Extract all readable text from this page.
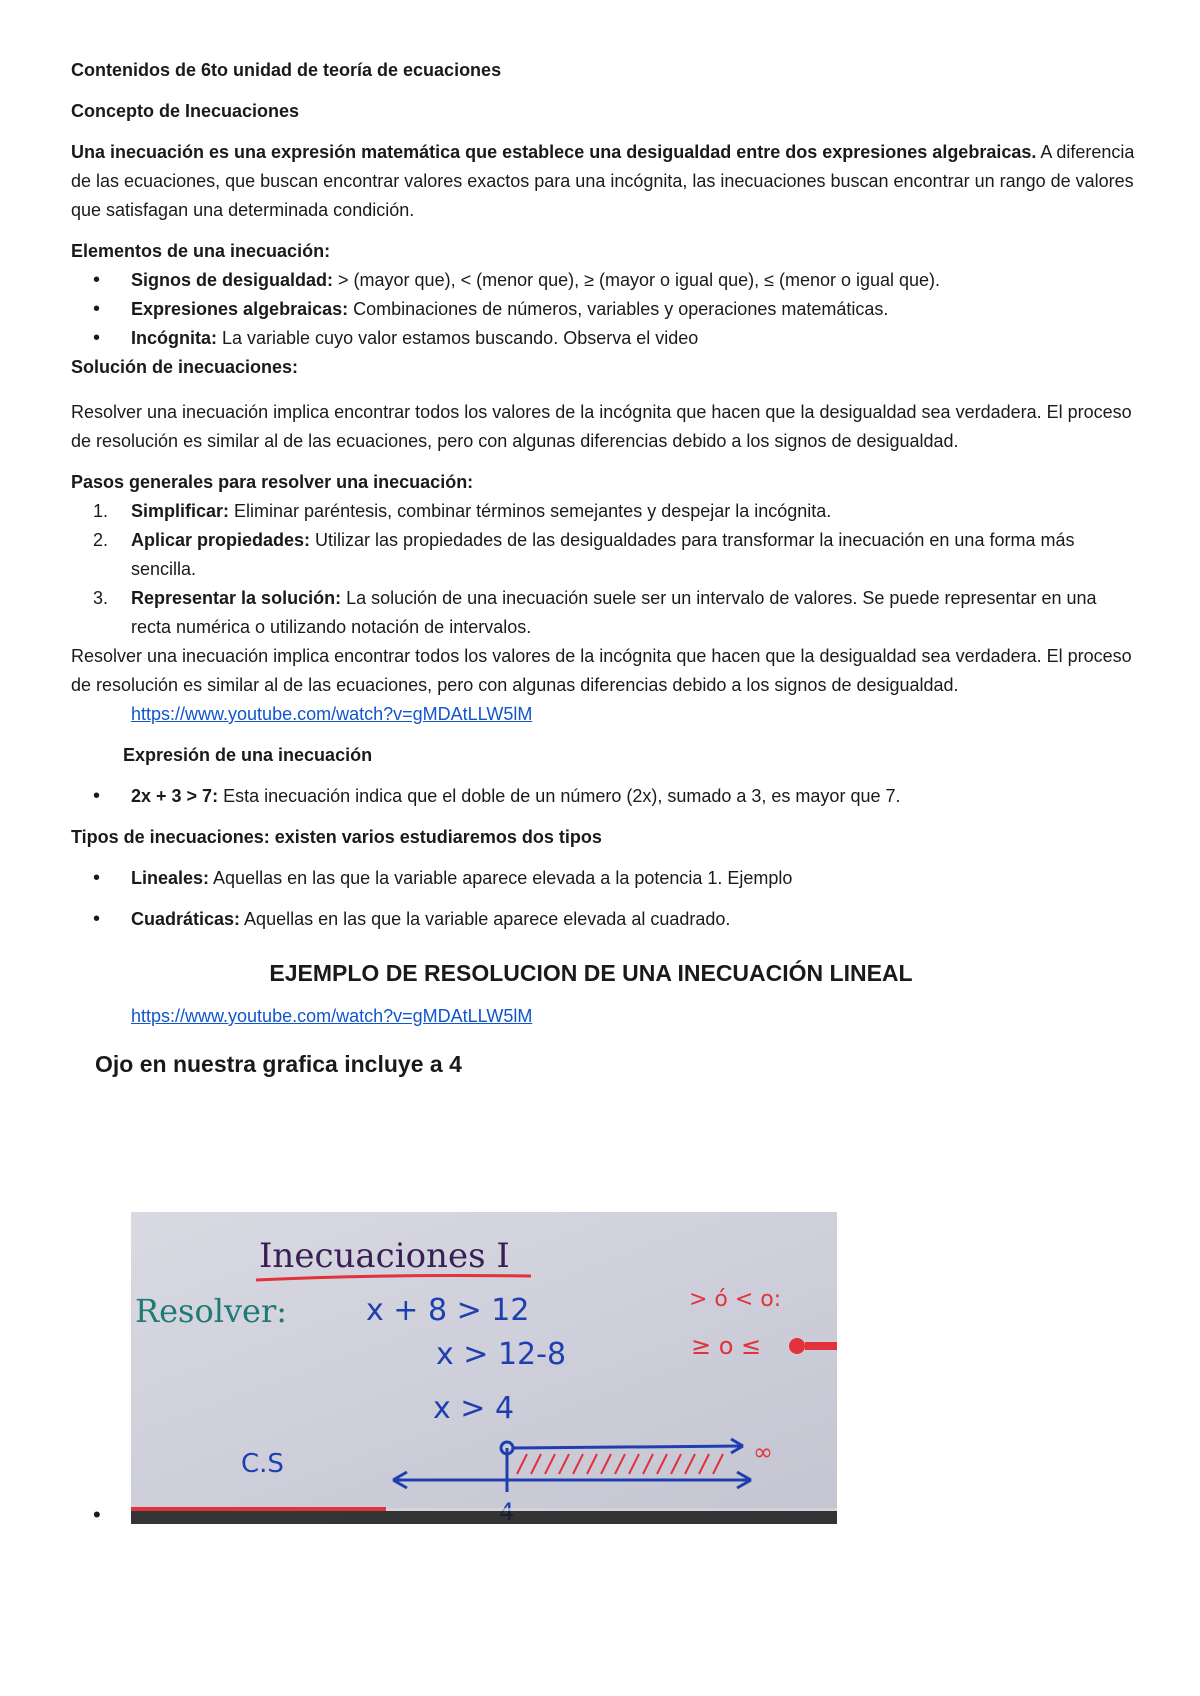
Contenidos de 6to unidad de teoría de ecuaciones

Concepto de Inecuaciones

Una inecuación es una expresión matemática que establece una desigualdad entre dos expresiones algebraicas. A diferencia de las ecuaciones, que buscan encontrar valores exactos para una incógnita, las inecuaciones buscan encontrar un rango de valores que satisfagan una determinada condición.

Elementos de una inecuación:

• Signos de desigualdad: > (mayor que), < (menor que), ≥ (mayor o igual que), ≤ (menor o igual que).
• Expresiones algebraicas: Combinaciones de números, variables y operaciones matemáticas.
• Incógnita: La variable cuyo valor estamos buscando. Observa el video

Solución de inecuaciones:

Resolver una inecuación implica encontrar todos los valores de la incógnita que hacen que la desigualdad sea verdadera. El proceso de resolución es similar al de las ecuaciones, pero con algunas diferencias debido a los signos de desigualdad.

Pasos generales para resolver una inecuación:

1. Simplificar: Eliminar paréntesis, combinar términos semejantes y despejar la incógnita.
2. Aplicar propiedades: Utilizar las propiedades de las desigualdades para transformar la inecuación en una forma más sencilla.
3. Representar la solución: La solución de una inecuación suele ser un intervalo de valores. Se puede representar en una recta numérica o utilizando notación de intervalos.

Resolver una inecuación implica encontrar todos los valores de la incógnita que hacen que la desigualdad sea verdadera. El proceso de resolución es similar al de las ecuaciones, pero con algunas diferencias debido a los signos de desigualdad.

https://www.youtube.com/watch?v=gMDAtLLW5lM

Expresión de una inecuación

• 2x + 3 > 7: Esta inecuación indica que el doble de un número (2x), sumado a 3, es mayor que 7.

Tipos de inecuaciones: existen varios estudiaremos dos tipos

• Lineales: Aquellas en las que la variable aparece elevada a la potencia 1. Ejemplo
• Cuadráticas: Aquellas en las que la variable aparece elevada al cuadrado.

EJEMPLO DE RESOLUCION DE UNA INECUACIÓN LINEAL

https://www.youtube.com/watch?v=gMDAtLLW5lM

Ojo en nuestra grafica incluye a 4

Inecuaciones I
Resolver:	x + 8 > 12
x > 12-8
x > 4
> ó < o:
≥ o ≤
C.S	∞
•
